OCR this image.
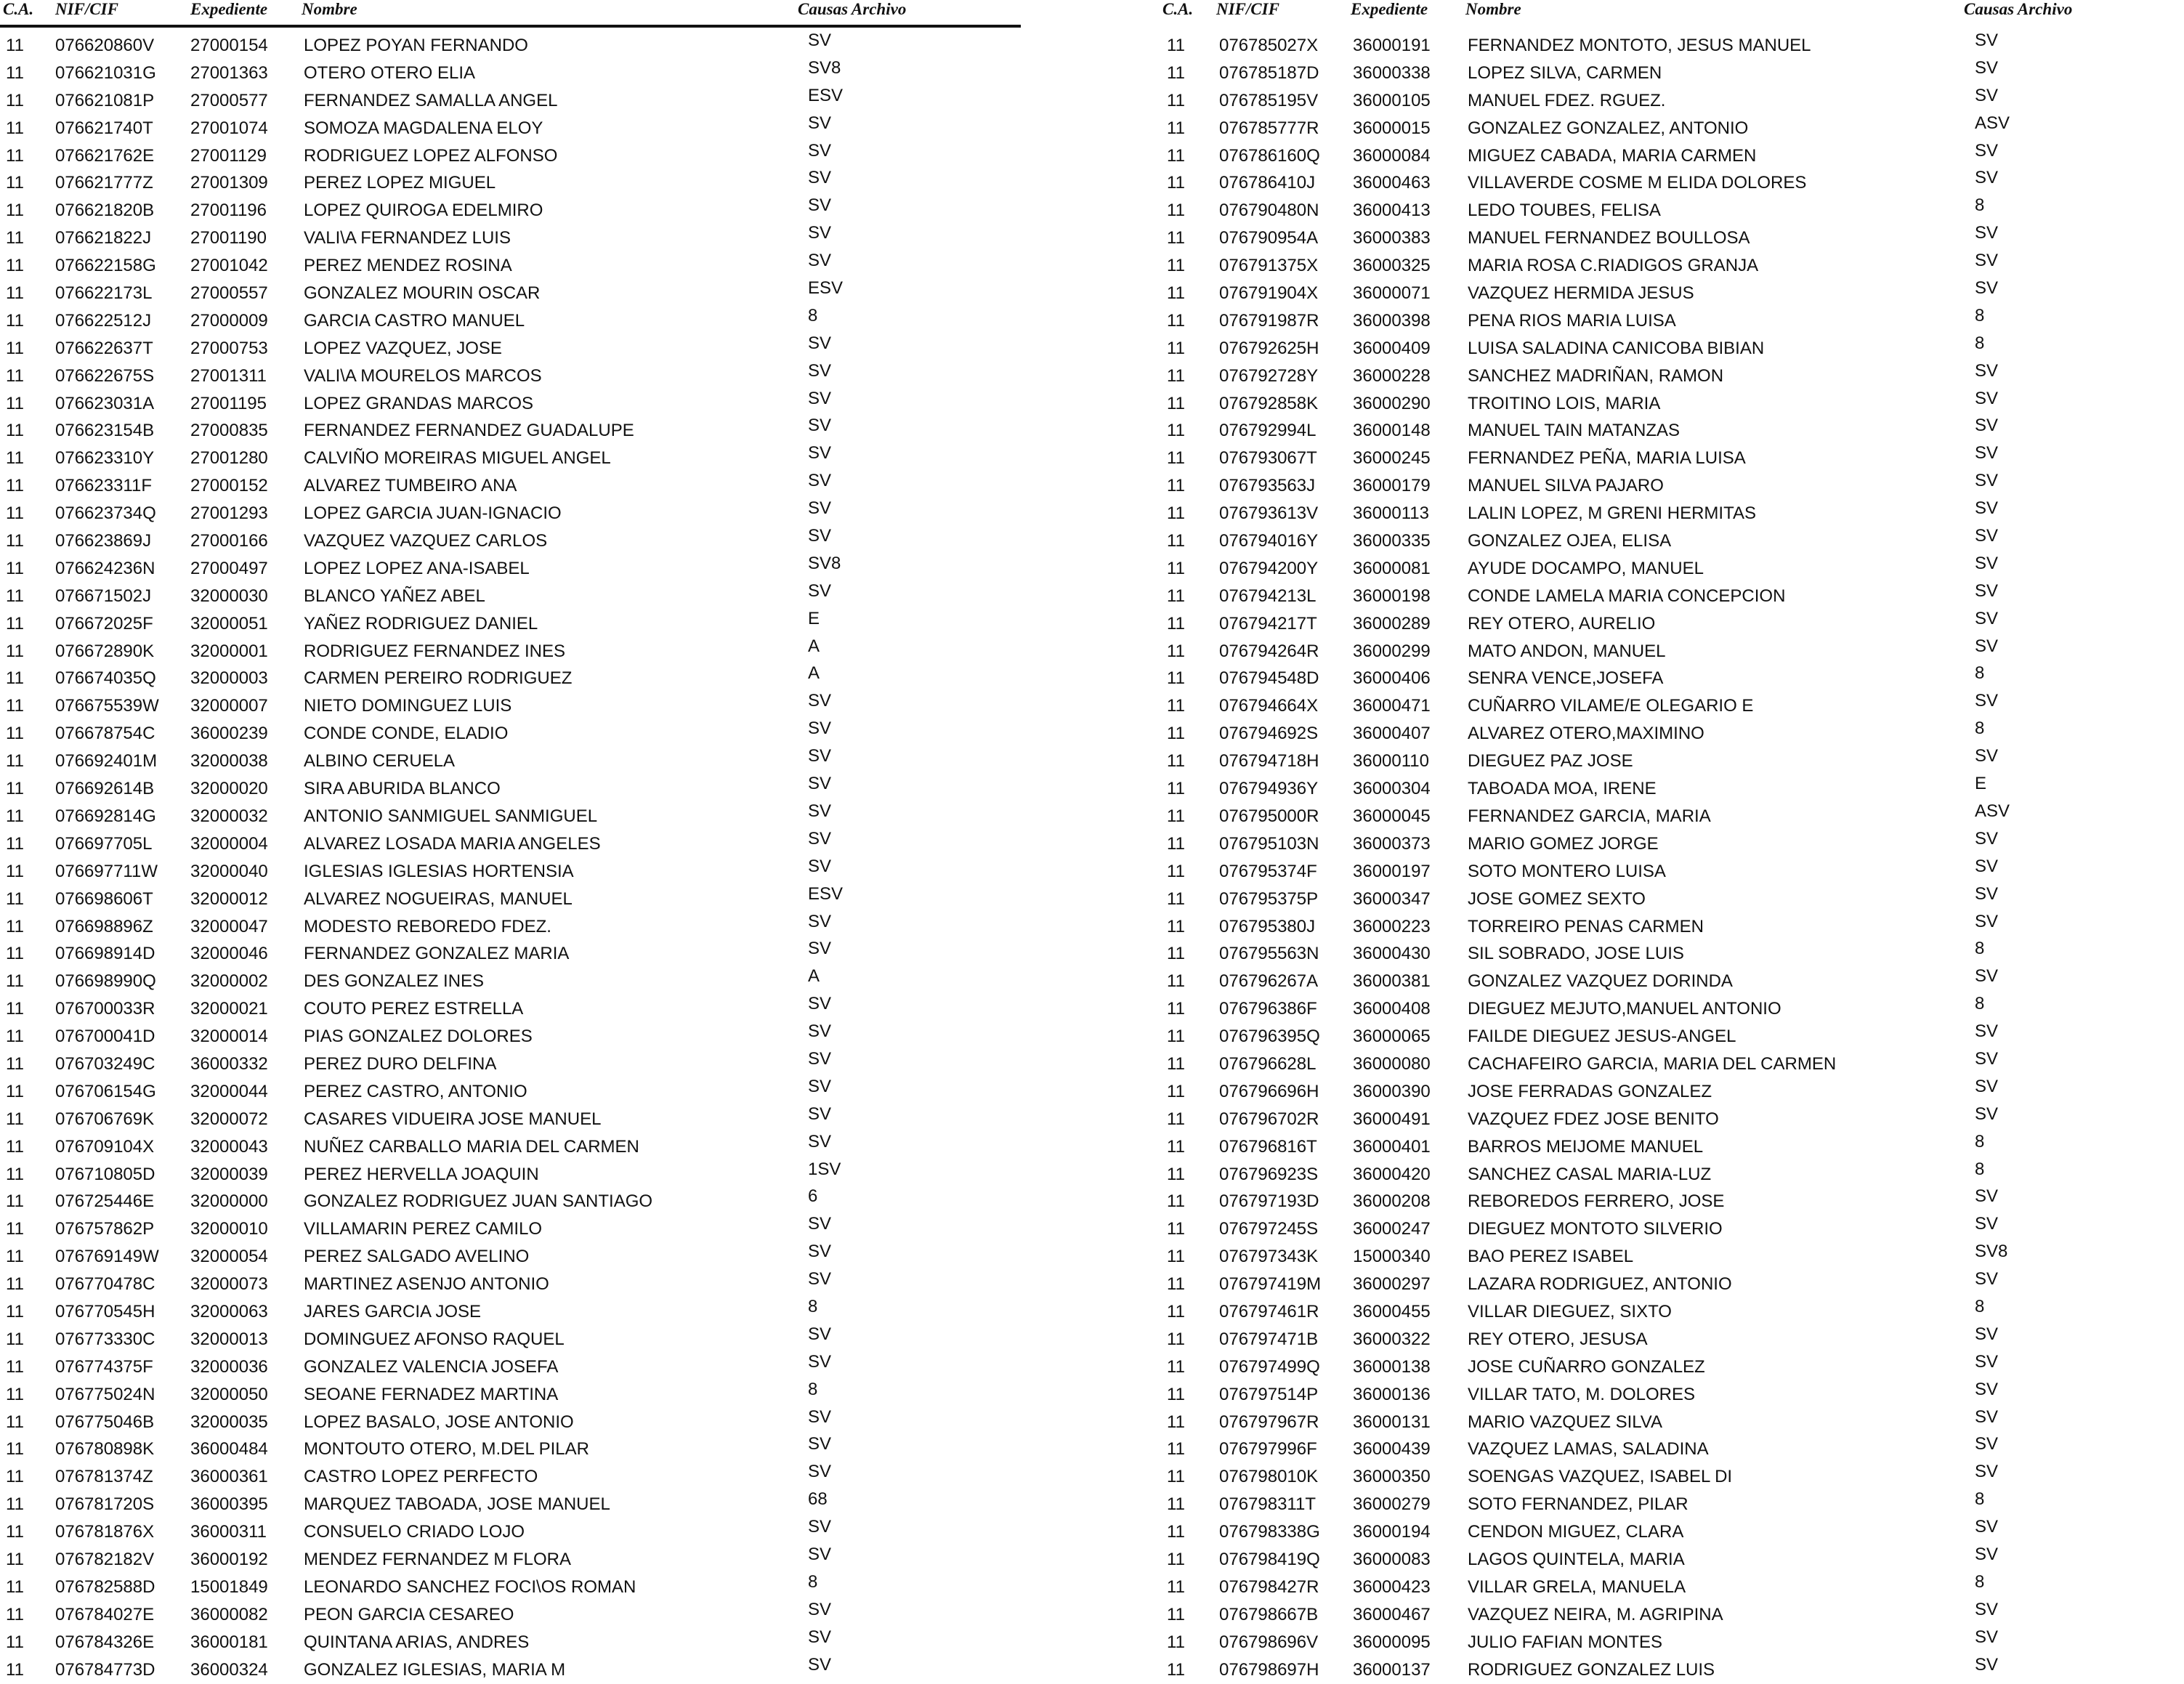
C.A. NIF/CIF	Expediente Nombre	Causas Archivo
11 076620860V 27000154 LOPEZ POYAN FERNANDO	SV
11 076621031G 27001363 OTERO OTERO ELIA	SV8
11 076621081P 27000577 FERNANDEZ SAMALLA ANGEL	ESV
11 076621740T 27001074 SOMOZA MAGDALENA ELOY	SV
11 076621762E 27001129 RODRIGUEZ LOPEZ ALFONSO	SV
11 076621777Z 27001309 PEREZ LOPEZ MIGUEL	SV
11 076621820B 27001196 LOPEZ QUIROGA EDELMIRO	SV
11 076621822J 27001190 VALI\A FERNANDEZ LUIS	SV
11 076622158G 27001042 PEREZ MENDEZ ROSINA	SV
11 076622173L 27000557 GONZALEZ MOURIN OSCAR	ESV
11 076622512J 27000009 GARCIA CASTRO MANUEL	8
11 076622637T 27000753 LOPEZ VAZQUEZ, JOSE	SV
11 076622675S 27001311 VALI\A MOURELOS MARCOS	SV
11 076623031A 27001195 LOPEZ GRANDAS MARCOS	SV
11 076623154B 27000835 FERNANDEZ FERNANDEZ GUADALUPE	SV
11 076623310Y 27001280 CALVIÑO MOREIRAS MIGUEL ANGEL	SV
11 076623311F 27000152 ALVAREZ TUMBEIRO ANA	SV
11 076623734Q 27001293 LOPEZ GARCIA JUAN-IGNACIO	SV
11 076623869J 27000166 VAZQUEZ VAZQUEZ CARLOS	SV
11 076624236N 27000497 LOPEZ LOPEZ ANA-ISABEL	SV8
11 076671502J 32000030 BLANCO YAÑEZ ABEL	SV
11 076672025F 32000051 YAÑEZ RODRIGUEZ DANIEL	E
11 076672890K 32000001 RODRIGUEZ FERNANDEZ INES	A
11 076674035Q 32000003 CARMEN PEREIRO RODRIGUEZ	A
11 076675539W 32000007 NIETO DOMINGUEZ LUIS	SV
11 076678754C 36000239 CONDE CONDE, ELADIO	SV
11 076692401M 32000038 ALBINO CERUELA	SV
11 076692614B 32000020 SIRA ABURIDA BLANCO	SV
11 076692814G 32000032 ANTONIO SANMIGUEL SANMIGUEL	SV
11 076697705L 32000004 ALVAREZ LOSADA MARIA ANGELES	SV
11 076697711W 32000040 IGLESIAS IGLESIAS HORTENSIA	SV
11 076698606T 32000012 ALVAREZ NOGUEIRAS, MANUEL	ESV
11 076698896Z 32000047 MODESTO REBOREDO FDEZ.	SV
11 076698914D 32000046 FERNANDEZ GONZALEZ MARIA	SV
11 076698990Q 32000002 DES GONZALEZ INES	A
11 076700033R 32000021 COUTO PEREZ ESTRELLA	SV
11 076700041D 32000014 PIAS GONZALEZ DOLORES	SV
11 076703249C 36000332 PEREZ DURO DELFINA	SV
11 076706154G 32000044 PEREZ CASTRO, ANTONIO	SV
11 076706769K 32000072 CASARES VIDUEIRA JOSE MANUEL	SV
11 076709104X 32000043 NUÑEZ CARBALLO MARIA DEL CARMEN	SV
11 076710805D 32000039 PEREZ HERVELLA JOAQUIN	1SV
11 076725446E 32000000 GONZALEZ RODRIGUEZ JUAN SANTIAGO	6
11 076757862P 32000010 VILLAMARIN PEREZ CAMILO	SV
11 076769149W 32000054 PEREZ SALGADO AVELINO	SV
11 076770478C 32000073 MARTINEZ ASENJO ANTONIO	SV
11 076770545H 32000063 JARES GARCIA JOSE	8
11 076773330C 32000013 DOMINGUEZ AFONSO RAQUEL	SV
11 076774375F 32000036 GONZALEZ VALENCIA JOSEFA	SV
11 076775024N 32000050 SEOANE FERNADEZ MARTINA	8
11 076775046B 32000035 LOPEZ BASALO, JOSE ANTONIO	SV
11 076780898K 36000484 MONTOUTO OTERO, M.DEL PILAR	SV
11 076781374Z 36000361 CASTRO LOPEZ PERFECTO	SV
11 076781720S 36000395 MARQUEZ TABOADA, JOSE MANUEL	68
11 076781876X 36000311 CONSUELO CRIADO LOJO	SV
11 076782182V 36000192 MENDEZ FERNANDEZ M FLORA	SV
11 076782588D 15001849 LEONARDO SANCHEZ FOCI\OS ROMAN	8
11 076784027E 36000082 PEON GARCIA CESAREO	SV
11 076784326E 36000181 QUINTANA ARIAS, ANDRES	SV
11 076784773D 36000324 GONZALEZ IGLESIAS, MARIA M	SV
C.A. NIF/CIF	Expediente Nombre	Causas Archivo
11 076785027X 36000191 FERNANDEZ MONTOTO, JESUS MANUEL	SV
11 076785187D 36000338 LOPEZ SILVA, CARMEN	SV
11 076785195V 36000105 MANUEL FDEZ. RGUEZ.	SV
11 076785777R 36000015 GONZALEZ GONZALEZ, ANTONIO	ASV
11 076786160Q 36000084 MIGUEZ CABADA, MARIA CARMEN	SV
11 076786410J 36000463 VILLAVERDE COSME M ELIDA DOLORES	SV
11 076790480N 36000413 LEDO TOUBES, FELISA	8
11 076790954A 36000383 MANUEL FERNANDEZ BOULLOSA	SV
11 076791375X 36000325 MARIA ROSA C.RIADIGOS GRANJA	SV
11 076791904X 36000071 VAZQUEZ HERMIDA JESUS	SV
11 076791987R 36000398 PENA RIOS MARIA LUISA	8
11 076792625H 36000409 LUISA SALADINA CANICOBA BIBIAN	8
11 076792728Y 36000228 SANCHEZ MADRIÑAN, RAMON	SV
11 076792858K 36000290 TROITINO LOIS, MARIA	SV
11 076792994L 36000148 MANUEL TAIN MATANZAS	SV
11 076793067T 36000245 FERNANDEZ PEÑA, MARIA LUISA	SV
11 076793563J 36000179 MANUEL SILVA PAJARO	SV
11 076793613V 36000113 LALIN LOPEZ, M GRENI HERMITAS	SV
11 076794016Y 36000335 GONZALEZ OJEA, ELISA	SV
11 076794200Y 36000081 AYUDE DOCAMPO, MANUEL	SV
11 076794213L 36000198 CONDE LAMELA MARIA CONCEPCION	SV
11 076794217T 36000289 REY OTERO, AURELIO	SV
11 076794264R 36000299 MATO ANDON, MANUEL	SV
11 076794548D 36000406 SENRA VENCE,JOSEFA	8
11 076794664X 36000471 CUÑARRO VILAME/E OLEGARIO E	SV
11 076794692S 36000407 ALVAREZ OTERO,MAXIMINO	8
11 076794718H 36000110 DIEGUEZ PAZ JOSE	SV
11 076794936Y 36000304 TABOADA MOA, IRENE	E
11 076795000R 36000045 FERNANDEZ GARCIA, MARIA	ASV
11 076795103N 36000373 MARIO GOMEZ JORGE	SV
11 076795374F 36000197 SOTO MONTERO LUISA	SV
11 076795375P 36000347 JOSE GOMEZ SEXTO	SV
11 076795380J 36000223 TORREIRO PENAS CARMEN	SV
11 076795563N 36000430 SIL SOBRADO, JOSE LUIS	8
11 076796267A 36000381 GONZALEZ VAZQUEZ DORINDA	SV
11 076796386F 36000408 DIEGUEZ MEJUTO,MANUEL ANTONIO	8
11 076796395Q 36000065 FAILDE DIEGUEZ JESUS-ANGEL	SV
11 076796628L 36000080 CACHAFEIRO GARCIA, MARIA DEL CARMEN	SV
11 076796696H 36000390 JOSE FERRADAS GONZALEZ	SV
11 076796702R 36000491 VAZQUEZ FDEZ JOSE BENITO	SV
11 076796816T 36000401 BARROS MEIJOME MANUEL	8
11 076796923S 36000420 SANCHEZ CASAL MARIA-LUZ	8
11 076797193D 36000208 REBOREDOS FERRERO, JOSE	SV
11 076797245S 36000247 DIEGUEZ MONTOTO SILVERIO	SV
11 076797343K 15000340 BAO PEREZ ISABEL	SV8
11 076797419M 36000297 LAZARA RODRIGUEZ, ANTONIO	SV
11 076797461R 36000455 VILLAR DIEGUEZ, SIXTO	8
11 076797471B 36000322 REY OTERO, JESUSA	SV
11 076797499Q 36000138 JOSE CUÑARRO GONZALEZ	SV
11 076797514P 36000136 VILLAR TATO, M. DOLORES	SV
11 076797967R 36000131 MARIO VAZQUEZ SILVA	SV
11 076797996F 36000439 VAZQUEZ LAMAS, SALADINA	SV
11 076798010K 36000350 SOENGAS VAZQUEZ, ISABEL DI	SV
11 076798311T 36000279 SOTO FERNANDEZ, PILAR	8
11 076798338G 36000194 CENDON MIGUEZ, CLARA	SV
11 076798419Q 36000083 LAGOS QUINTELA, MARIA	SV
11 076798427R 36000423 VILLAR GRELA, MANUELA	8
11 076798667B 36000467 VAZQUEZ NEIRA, M. AGRIPINA	SV
11 076798696V 36000095 JULIO FAFIAN MONTES	SV
11 076798697H 36000137 RODRIGUEZ GONZALEZ LUIS	SV
